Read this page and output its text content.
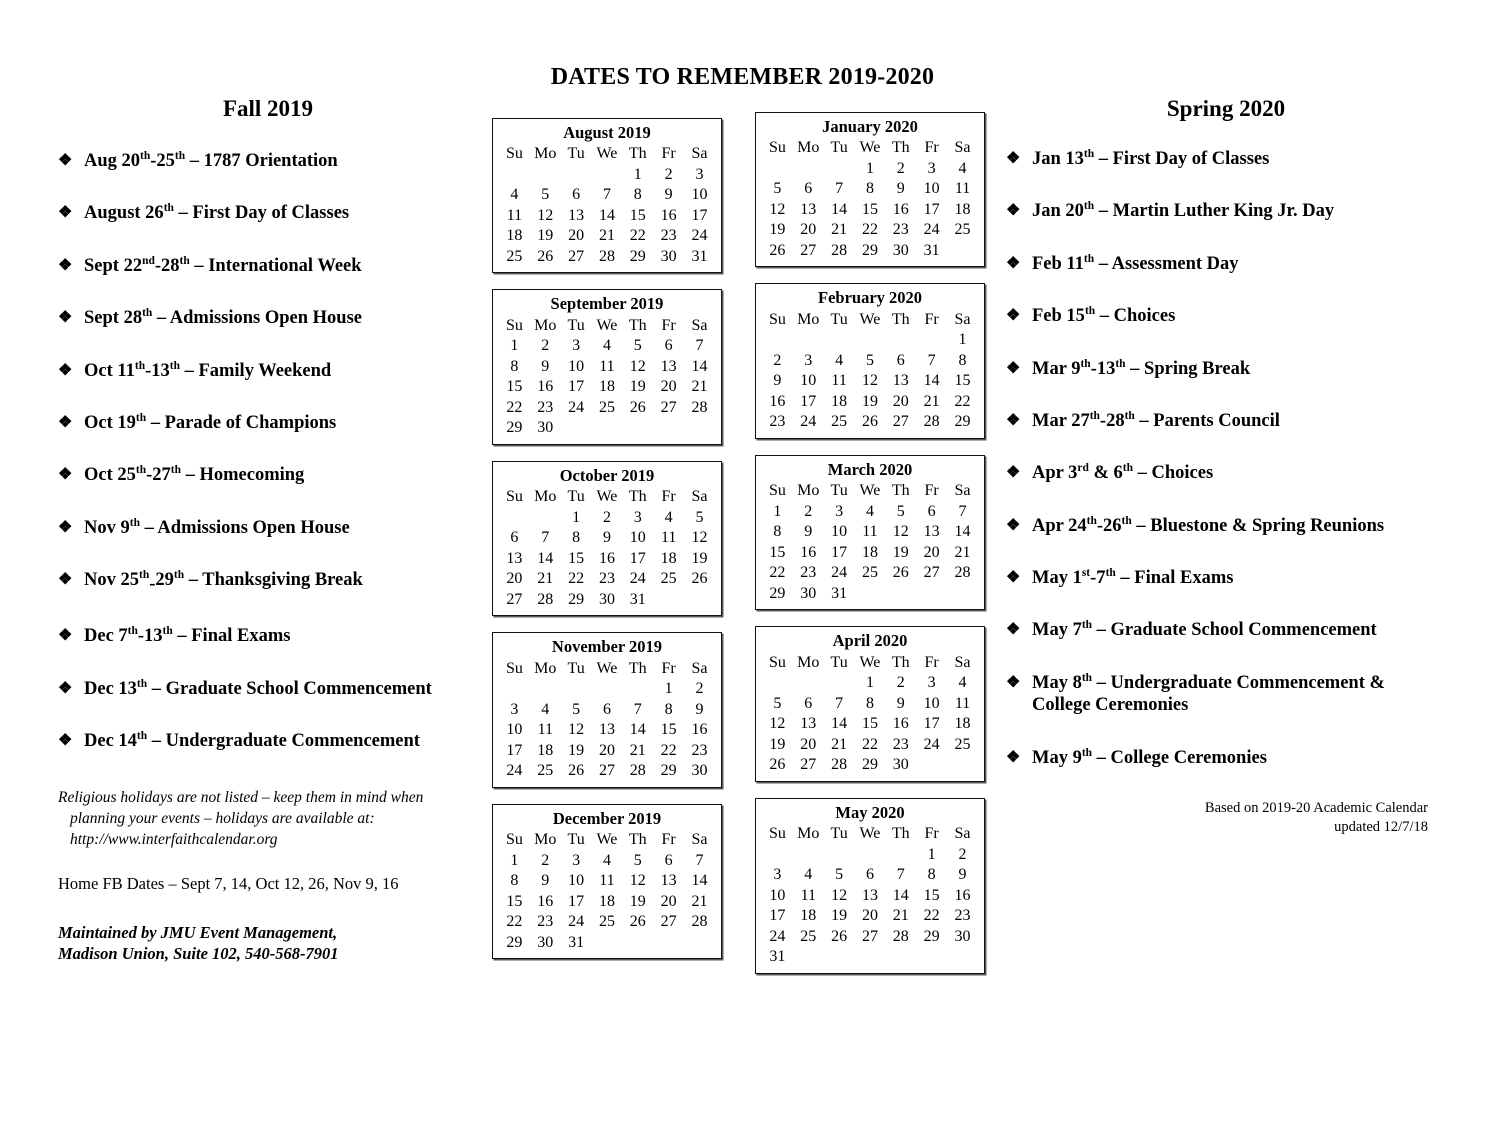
DATES TO REMEMBER 2019-2020
Fall 2019
❖ Aug 20th-25th – 1787 Orientation
❖ August 26th – First Day of Classes
❖ Sept 22nd-28th – International Week
❖ Sept 28th – Admissions Open House
❖ Oct 11th-13th – Family Weekend
❖ Oct 19th – Parade of Champions
❖ Oct 25th-27th – Homecoming
❖ Nov 9th – Admissions Open House
❖ Nov 25th-29th – Thanksgiving Break
❖ Dec 7th-13th – Final Exams
❖ Dec 13th – Graduate School Commencement
❖ Dec 14th – Undergraduate Commencement
Religious holidays are not listed – keep them in mind when
planning your events – holidays are available at:
http://www.interfaithcalendar.org
Home FB Dates – Sept 7, 14, Oct 12, 26, Nov 9, 16
Maintained by JMU Event Management,
Madison Union, Suite 102, 540-568-7901
August 2019
Su	Mo	Tu	We	Th	Fr	Sa
				1	2	3
4	5	6	7	8	9	10
11	12	13	14	15	16	17
18	19	20	21	22	23	24
25	26	27	28	29	30	31
September 2019
Su	Mo	Tu	We	Th	Fr	Sa
1	2	3	4	5	6	7
8	9	10	11	12	13	14
15	16	17	18	19	20	21
22	23	24	25	26	27	28
29	30					
October 2019
Su	Mo	Tu	We	Th	Fr	Sa
		1	2	3	4	5
6	7	8	9	10	11	12
13	14	15	16	17	18	19
20	21	22	23	24	25	26
27	28	29	30	31		
November 2019
Su	Mo	Tu	We	Th	Fr	Sa
					1	2
3	4	5	6	7	8	9
10	11	12	13	14	15	16
17	18	19	20	21	22	23
24	25	26	27	28	29	30
December 2019
Su	Mo	Tu	We	Th	Fr	Sa
1	2	3	4	5	6	7
8	9	10	11	12	13	14
15	16	17	18	19	20	21
22	23	24	25	26	27	28
29	30	31				
January 2020
Su	Mo	Tu	We	Th	Fr	Sa
			1	2	3	4
5	6	7	8	9	10	11
12	13	14	15	16	17	18
19	20	21	22	23	24	25
26	27	28	29	30	31	
February 2020
Su	Mo	Tu	We	Th	Fr	Sa
						1
2	3	4	5	6	7	8
9	10	11	12	13	14	15
16	17	18	19	20	21	22
23	24	25	26	27	28	29
March 2020
Su	Mo	Tu	We	Th	Fr	Sa
1	2	3	4	5	6	7
8	9	10	11	12	13	14
15	16	17	18	19	20	21
22	23	24	25	26	27	28
29	30	31				
April 2020
Su	Mo	Tu	We	Th	Fr	Sa
			1	2	3	4
5	6	7	8	9	10	11
12	13	14	15	16	17	18
19	20	21	22	23	24	25
26	27	28	29	30		
May 2020
Su	Mo	Tu	We	Th	Fr	Sa
					1	2
3	4	5	6	7	8	9
10	11	12	13	14	15	16
17	18	19	20	21	22	23
24	25	26	27	28	29	30
31						
Spring 2020
❖ Jan 13th – First Day of Classes
❖ Jan 20th – Martin Luther King Jr. Day
❖ Feb 11th – Assessment Day
❖ Feb 15th – Choices
❖ Mar 9th-13th – Spring Break
❖ Mar 27th-28th – Parents Council
❖ Apr 3rd & 6th – Choices
❖ Apr 24th-26th – Bluestone & Spring Reunions
❖ May 1st-7th – Final Exams
❖ May 7th – Graduate School Commencement
❖ May 8th – Undergraduate Commencement & College Ceremonies
❖ May 9th – College Ceremonies
Based on 2019-20 Academic Calendar
updated 12/7/18
